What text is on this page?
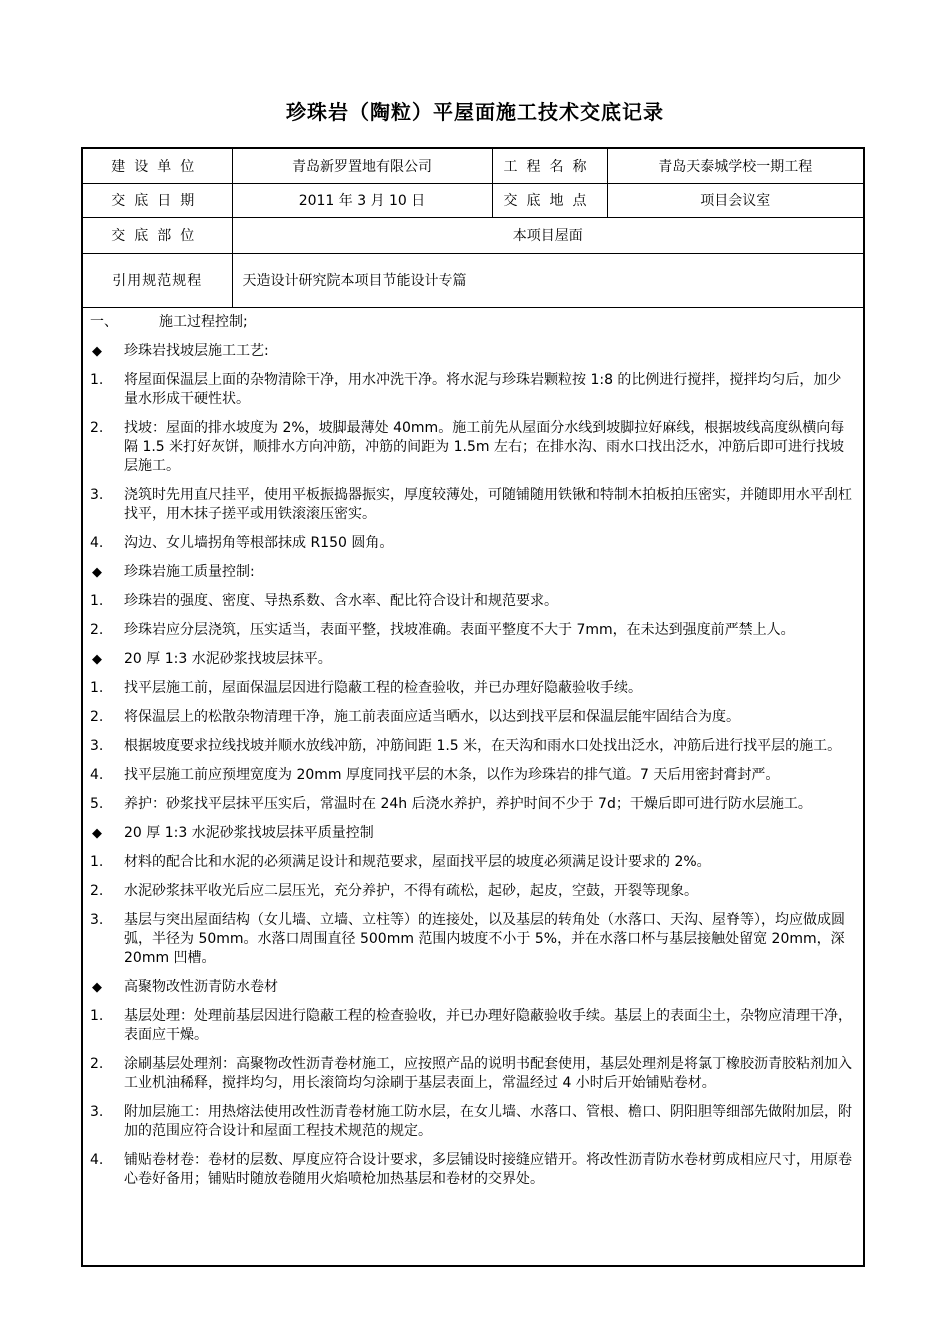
珍珠岩（陶粒）平屋面施工技术交底记录
建设单位	青岛新罗置地有限公司	工程名称	青岛天泰城学校一期工程
交底日期	2011 年 3 月 10 日	交底地点	项目会议室
交底部位	本项目屋面		
引用规范规程	天造设计研究院本项目节能设计专篇		
一、	施工过程控制;
◆ 珍珠岩找坡层施工工艺:
1. 将屋面保温层上面的杂物清除干净，用水冲洗干净。将水泥与珍珠岩颗粒按 1:8 的比例进行搅拌，搅拌均匀后，加少量水形成干硬性状。
2. 找坡：屋面的排水坡度为 2%，坡脚最薄处 40mm。施工前先从屋面分水线到坡脚拉好麻线，根据坡线高度纵横向每隔 1.5 米打好灰饼，顺排水方向冲筋，冲筋的间距为 1.5m 左右；在排水沟、雨水口找出泛水，冲筋后即可进行找坡层施工。
3. 浇筑时先用直尺挂平，使用平板振捣器振实，厚度较薄处，可随铺随用铁锹和特制木拍板拍压密实，并随即用水平刮杠找平，用木抹子搓平或用铁滚滚压密实。
4. 沟边、女儿墙拐角等根部抹成 R150 圆角。
◆ 珍珠岩施工质量控制:
1. 珍珠岩的强度、密度、导热系数、含水率、配比符合设计和规范要求。
2. 珍珠岩应分层浇筑，压实适当，表面平整，找坡准确。表面平整度不大于 7mm，在未达到强度前严禁上人。
◆ 20 厚 1:3 水泥砂浆找坡层抹平。
1. 找平层施工前，屋面保温层因进行隐蔽工程的检查验收，并已办理好隐蔽验收手续。
2. 将保温层上的松散杂物清理干净，施工前表面应适当晒水，以达到找平层和保温层能牢固结合为度。
3. 根据坡度要求拉线找坡并顺水放线冲筋，冲筋间距 1.5 米，在天沟和雨水口处找出泛水，冲筋后进行找平层的施工。
4. 找平层施工前应预埋宽度为 20mm 厚度同找平层的木条，以作为珍珠岩的排气道。7 天后用密封膏封严。
5. 养护：砂浆找平层抹平压实后，常温时在 24h 后浇水养护，养护时间不少于 7d；干燥后即可进行防水层施工。
◆ 20 厚 1:3 水泥砂浆找坡层抹平质量控制
1. 材料的配合比和水泥的必须满足设计和规范要求，屋面找平层的坡度必须满足设计要求的 2%。
2. 水泥砂浆抹平收光后应二层压光，充分养护，不得有疏松，起砂，起皮，空鼓，开裂等现象。
3. 基层与突出屋面结构（女儿墙、立墙、立柱等）的连接处，以及基层的转角处（水落口、天沟、屋脊等），均应做成圆弧，半径为 50mm。水落口周围直径 500mm 范围内坡度不小于 5%，并在水落口杯与基层接触处留宽 20mm，深 20mm 凹槽。
◆ 高聚物改性沥青防水卷材
1. 基层处理：处理前基层因进行隐蔽工程的检查验收，并已办理好隐蔽验收手续。基层上的表面尘土，杂物应清理干净，表面应干燥。
2. 涂刷基层处理剂：高聚物改性沥青卷材施工，应按照产品的说明书配套使用，基层处理剂是将氯丁橡胶沥青胶粘剂加入工业机油稀释，搅拌均匀，用长滚筒均匀涂刷于基层表面上，常温经过 4 小时后开始铺贴卷材。
3. 附加层施工：用热熔法使用改性沥青卷材施工防水层，在女儿墙、水落口、管根、檐口、阴阳胆等细部先做附加层，附加的范围应符合设计和屋面工程技术规范的规定。
4. 铺贴卷材卷：卷材的层数、厚度应符合设计要求，多层铺设时接缝应错开。将改性沥青防水卷材剪成相应尺寸，用原卷心卷好备用；铺贴时随放卷随用火焰喷枪加热基层和卷材的交界处。
